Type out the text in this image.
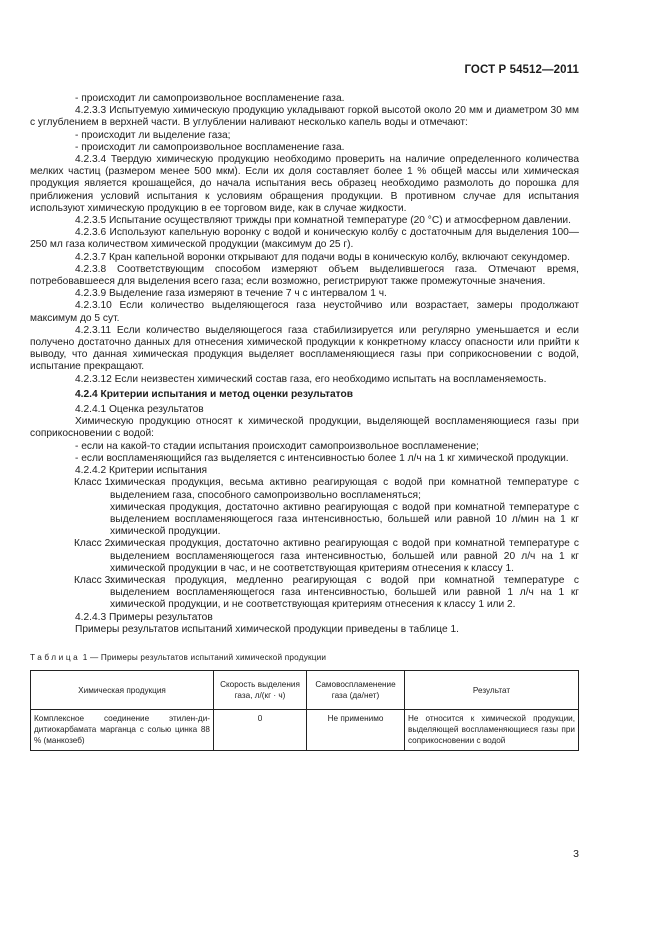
ГОСТ Р 54512—2011

- происходит ли самопроизвольное воспламенение газа.

4.2.3.3 Испытуемую химическую продукцию укладывают горкой высотой около 20 мм и диаметром 30 мм с углублением в верхней части. В углублении наливают несколько капель воды и отмечают:

- происходит ли выделение газа;

- происходит ли самопроизвольное воспламенение газа.

4.2.3.4 Твердую химическую продукцию необходимо проверить на наличие определенного количества мелких частиц (размером менее 500 мкм). Если их доля составляет более 1 % общей массы или химическая продукция является крошащейся, до начала испытания весь образец необходимо размолоть до порошка для приближения условий испытания к условиям обращения продукции. В противном случае для испытания используют химическую продукцию в ее торговом виде, как в случае жидкости.

4.2.3.5 Испытание осуществляют трижды при комнатной температуре (20 °С) и атмосферном давлении.

4.2.3.6 Используют капельную воронку с водой и коническую колбу с достаточным для выделения 100—250 мл газа количеством химической продукции (максимум до 25 г).

4.2.3.7 Кран капельной воронки открывают для подачи воды в коническую колбу, включают секундомер.

4.2.3.8 Соответствующим способом измеряют объем выделившегося газа. Отмечают время, потребовавшееся для выделения всего газа; если возможно, регистрируют также промежуточные значения.

4.2.3.9 Выделение газа измеряют в течение 7 ч с интервалом 1 ч.

4.2.3.10 Если количество выделяющегося газа неустойчиво или возрастает, замеры продолжают максимум до 5 сут.

4.2.3.11 Если количество выделяющегося газа стабилизируется или регулярно уменьшается и если получено достаточно данных для отнесения химической продукции к конкретному классу опасности или прийти к выводу, что данная химическая продукция выделяет воспламеняющиеся газы при соприкосновении с водой, испытание прекращают.

4.2.3.12 Если неизвестен химический состав газа, его необходимо испытать на воспламеняемость.

4.2.4 Критерии испытания и метод оценки результатов

4.2.4.1 Оценка результатов

Химическую продукцию относят к химической продукции, выделяющей воспламеняющиеся газы при соприкосновении с водой:

- если на какой-то стадии испытания происходит самопроизвольное воспламенение;

- если воспламеняющийся газ выделяется с интенсивностью более 1 л/ч на 1 кг химической продукции.

4.2.4.2 Критерии испытания

Класс 1:

химическая продукция, весьма активно реагирующая с водой при комнатной температуре с выделением газа, способного самопроизвольно воспламеняться;

химическая продукция, достаточно активно реагирующая с водой при комнатной температуре с выделением воспламеняющегося газа интенсивностью, большей или равной 10 л/мин на 1 кг химической продукции.

Класс 2:

химическая продукция, достаточно активно реагирующая с водой при комнатной температуре с выделением воспламеняющегося газа интенсивностью, большей или равной 20 л/ч на 1 кг химической продукции в час, и не соответствующая критериям отнесения к классу 1.

Класс 3:

химическая продукция, медленно реагирующая с водой при комнатной температуре с выделением воспламеняющегося газа интенсивностью, большей или равной 1 л/ч на 1 кг химической продукции, и не соответствующая критериям отнесения к классу 1 или 2.

4.2.4.3 Примеры результатов

Примеры результатов испытаний химической продукции приведены в таблице 1.

Таблица 1 — Примеры результатов испытаний химической продукции
Химическая продукция	Скорость выделения газа, л/(кг · ч)	Самовоспламенение газа (да/нет)	Результат
Комплексное соединение этилен-ди-дитиокарбамата марганца с солью цинка 88 % (манкозеб)	0	Не применимо	Не относится к химической продукции, выделяющей воспламеняющиеся газы при соприкосновении с водой
3
